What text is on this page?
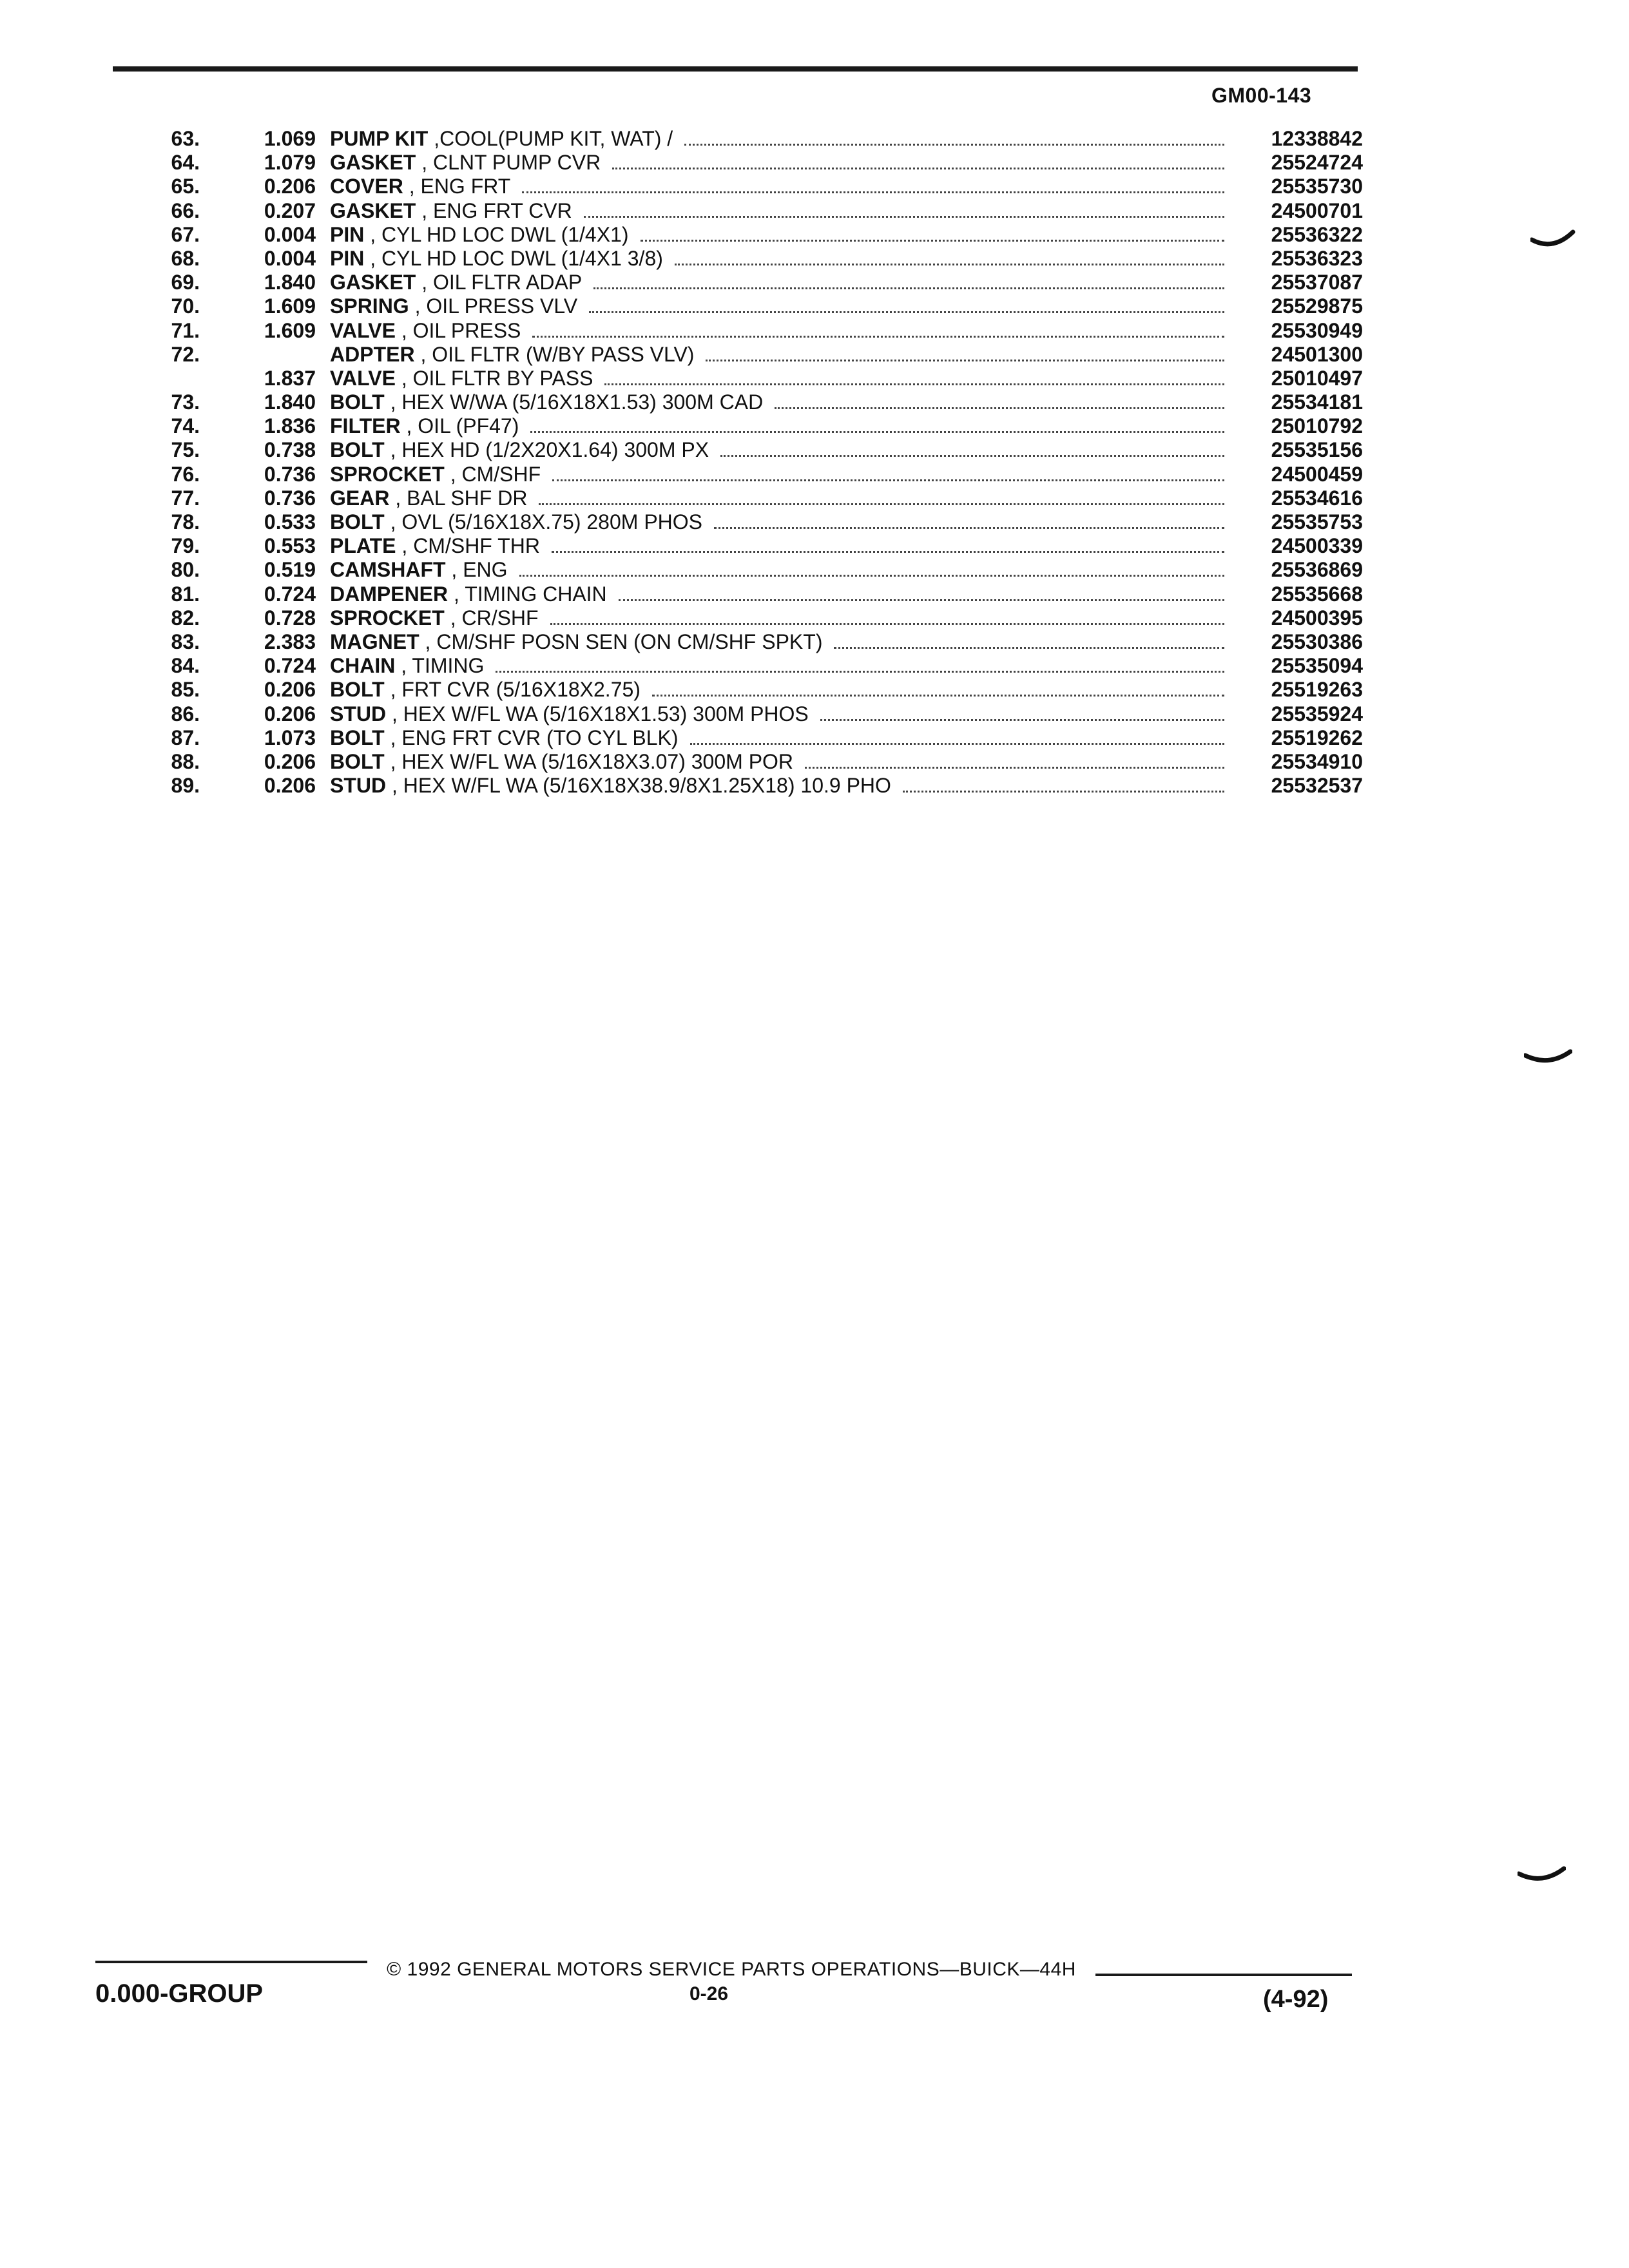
GM00-143
63.	1.069 PUMP KIT ,COOL(PUMP KIT, WAT) /	12338842
64.	1.079 GASKET , CLNT PUMP CVR	25524724
65.	0.206 COVER , ENG FRT	25535730
66.	0.207 GASKET , ENG FRT CVR	24500701
67.	0.004 PIN , CYL HD LOC DWL (1/4X1)	25536322
68.	0.004 PIN , CYL HD LOC DWL (1/4X1 3/8)	25536323
69.	1.840 GASKET , OIL FLTR ADAP	25537087
70.	1.609 SPRING , OIL PRESS VLV	25529875
71.	1.609 VALVE , OIL PRESS	25530949
72.	ADPTER , OIL FLTR (W/BY PASS VLV)	24501300
1.837 VALVE , OIL FLTR BY PASS	25010497
73.	1.840 BOLT , HEX W/WA (5/16X18X1.53) 300M CAD	25534181
74.	1.836 FILTER , OIL (PF47)	25010792
75.	0.738 BOLT , HEX HD (1/2X20X1.64) 300M PX	25535156
76.	0.736 SPROCKET , CM/SHF	24500459
77.	0.736 GEAR , BAL SHF DR	25534616
78.	0.533 BOLT , OVL (5/16X18X.75) 280M PHOS	25535753
79.	0.553 PLATE , CM/SHF THR	24500339
80.	0.519 CAMSHAFT , ENG	25536869
81.	0.724 DAMPENER , TIMING CHAIN	25535668
82.	0.728 SPROCKET , CR/SHF	24500395
83.	2.383 MAGNET , CM/SHF POSN SEN (ON CM/SHF SPKT)	25530386
84.	0.724 CHAIN , TIMING	25535094
85.	0.206 BOLT , FRT CVR (5/16X18X2.75)	25519263
86.	0.206 STUD , HEX W/FL WA (5/16X18X1.53) 300M PHOS	25535924
87.	1.073 BOLT , ENG FRT CVR (TO CYL BLK)	25519262
88.	0.206 BOLT , HEX W/FL WA (5/16X18X3.07) 300M POR	25534910
89.	0.206 STUD , HEX W/FL WA (5/16X18X38.9/8X1.25X18) 10.9 PHO	25532537
© 1992 GENERAL MOTORS SERVICE PARTS OPERATIONS—BUICK—44H
0.000-GROUP	0-26	(4-92)
